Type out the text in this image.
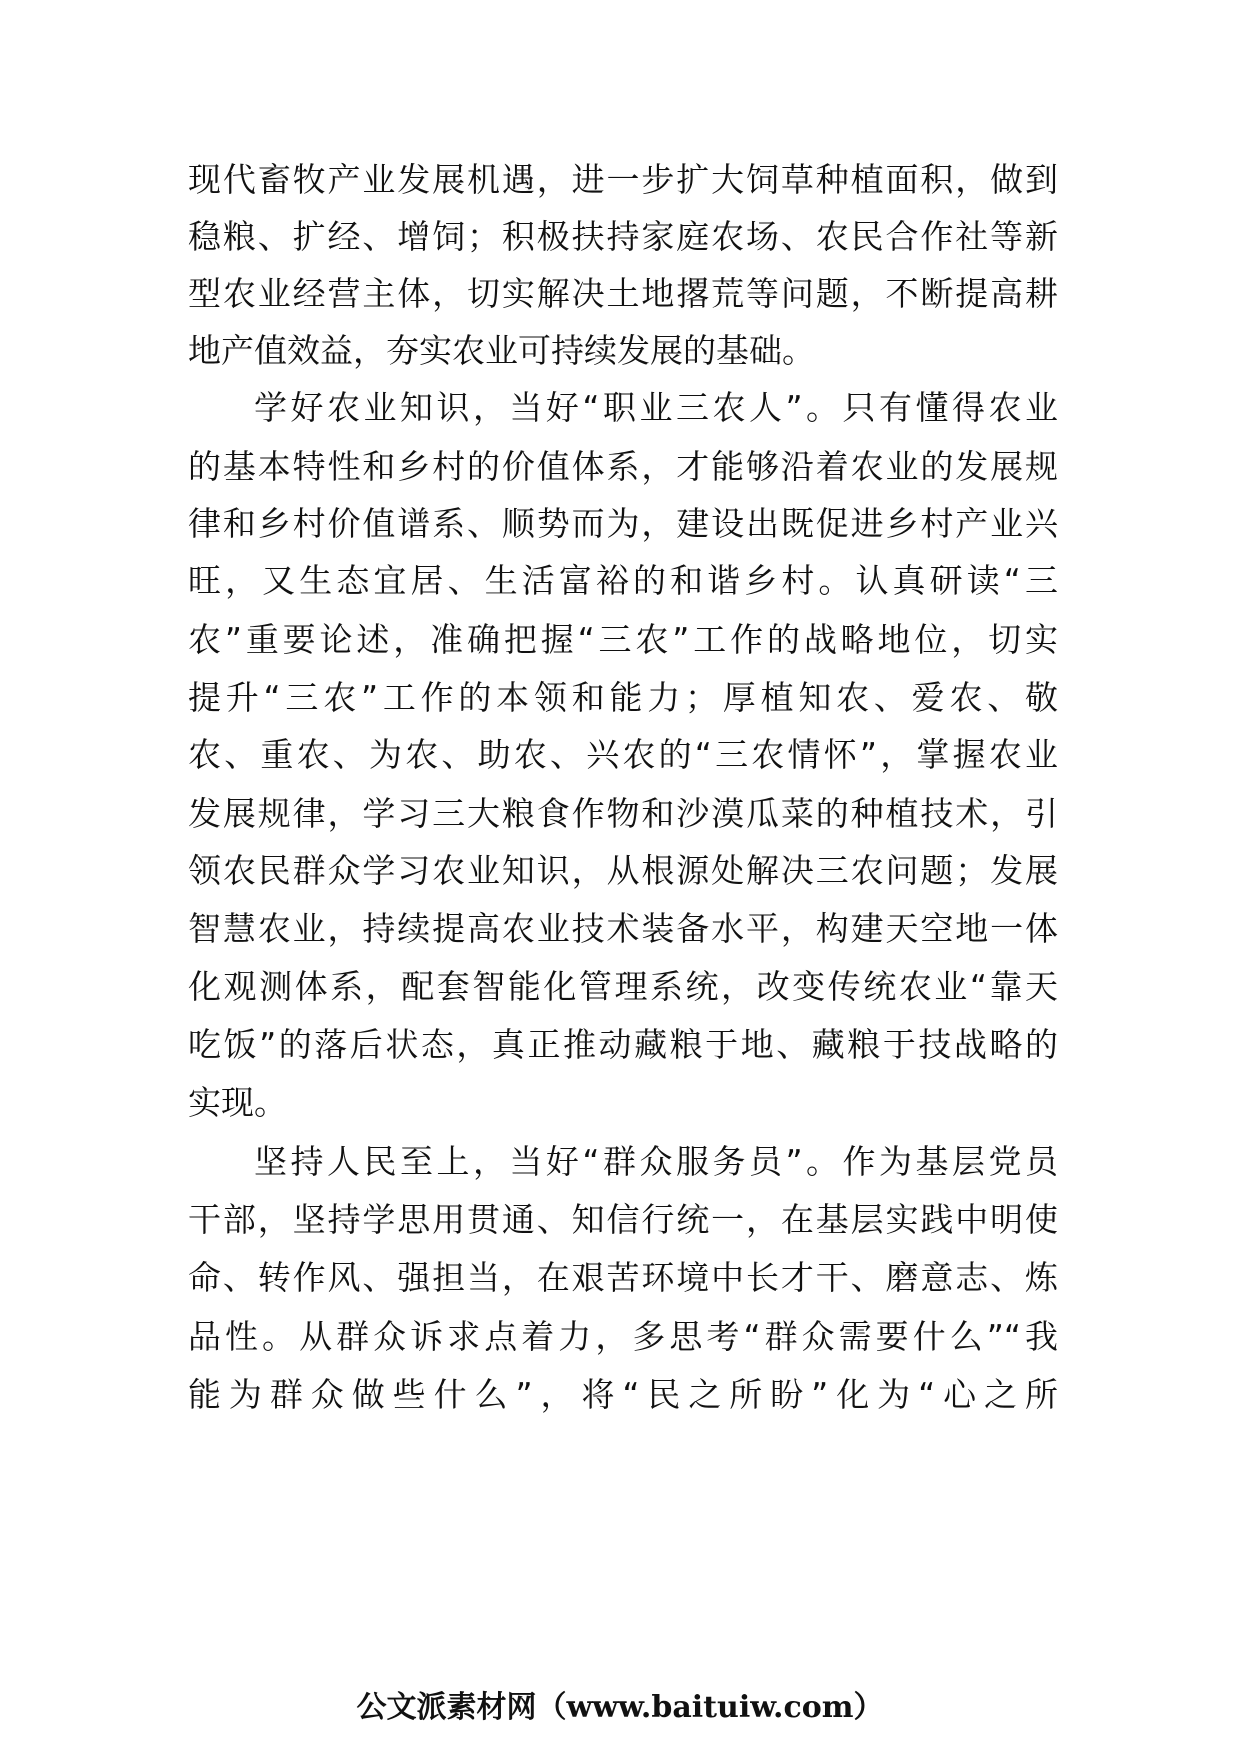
现代畜牧产业发展机遇，进一步扩大饲草种植面积，做到
稳粮、扩经、增饲；积极扶持家庭农场、农民合作社等新
型农业经营主体，切实解决土地撂荒等问题，不断提高耕
地产值效益，夯实农业可持续发展的基础。
学好农业知识，当好“职业三农人”。只有懂得农业
的基本特性和乡村的价值体系，才能够沿着农业的发展规
律和乡村价值谱系、顺势而为，建设出既促进乡村产业兴
旺，又生态宜居、生活富裕的和谐乡村。认真研读“三
农”重要论述，准确把握“三农”工作的战略地位，切实
提升“三农”工作的本领和能力；厚植知农、爱农、敬
农、重农、为农、助农、兴农的“三农情怀”，掌握农业
发展规律，学习三大粮食作物和沙漠瓜菜的种植技术，引
领农民群众学习农业知识，从根源处解决三农问题；发展
智慧农业，持续提高农业技术装备水平，构建天空地一体
化观测体系，配套智能化管理系统，改变传统农业“靠天
吃饭”的落后状态，真正推动藏粮于地、藏粮于技战略的
实现。
坚持人民至上，当好“群众服务员”。作为基层党员
干部，坚持学思用贯通、知信行统一，在基层实践中明使
命、转作风、强担当，在艰苦环境中长才干、磨意志、炼
品性。从群众诉求点着力，多思考“群众需要什么”“我
能为群众做些什么”，将“民之所盼”化为“心之所
公文派素材网（www.baituiw.com）
